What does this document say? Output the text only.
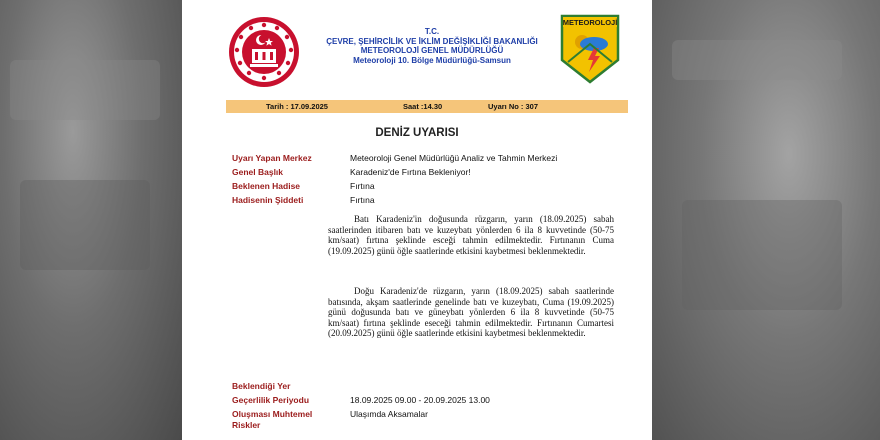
T.C.
ÇEVRE, ŞEHİRCİLİK VE İKLİM DEĞİŞİKLİĞİ BAKANLIĞI
METEOROLOJİ GENEL MÜDÜRLÜĞÜ
Meteoroloji 10. Bölge Müdürlüğü-Samsun
METEOROLOJİ
Tarih : 17.09.2025	Saat :14.30	Uyarı No : 307
DENİZ UYARISI
Uyarı Yapan Merkez	Meteoroloji Genel Müdürlüğü Analiz ve Tahmin Merkezi
Genel Başlık	Karadeniz'de Fırtına Bekleniyor!
Beklenen Hadise	Fırtına
Hadisenin Şiddeti	Fırtına

Batı Karadeniz'in doğusunda rüzgarın, yarın (18.09.2025) sabah saatlerinden itibaren batı ve kuzeybatı yönlerden 6 ila 8 kuvvetinde (50-75 km/saat) fırtına şeklinde esceği tahmin edilmektedir. Fırtınanın Cuma (19.09.2025) günü öğle saatlerinde etkisini kaybetmesi beklenmektedir.

Doğu Karadeniz'de rüzgarın, yarın (18.09.2025) sabah saatlerinde batısında, akşam saatlerinde genelinde batı ve kuzeybatı, Cuma (19.09.2025) günü doğusunda batı ve güneybatı yönlerden 6 ila 8 kuvvetinde (50-75 km/saat) fırtına şeklinde eseceği tahmin edilmektedir. Fırtınanın Cumartesi (20.09.2025) günü öğle saatlerinde etkisini kaybetmesi beklenmektedir.

Beklendiği Yer
Geçerlilik Periyodu	18.09.2025 09.00 - 20.09.2025 13.00
Oluşması Muhtemel	Ulaşımda Aksamalar
Riskler
